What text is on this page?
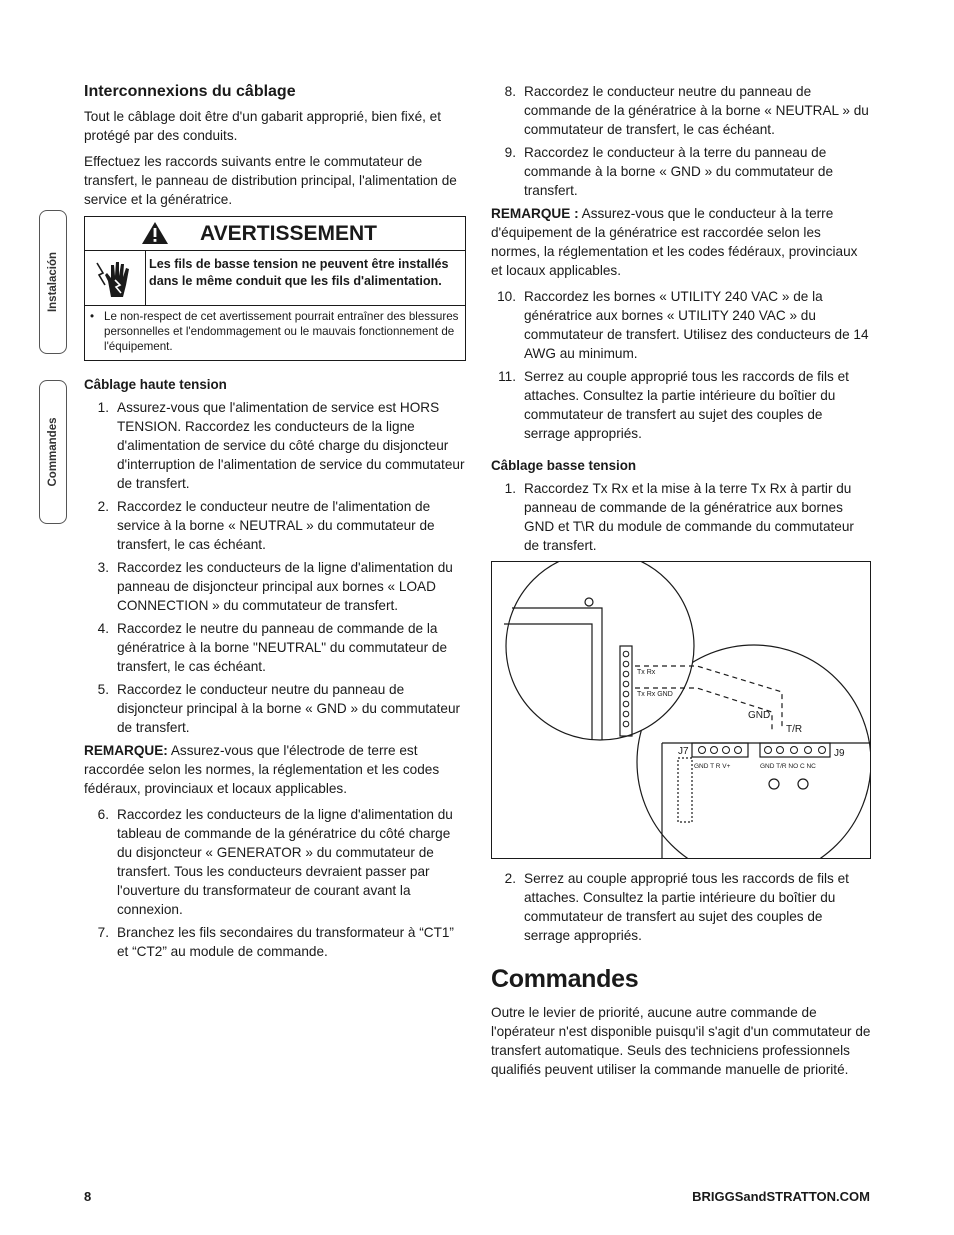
Instalación
Commandes
Interconnexions du câblage

Tout le câblage doit être d'un gabarit approprié, bien fixé, et protégé par des conduits.

Effectuez les raccords suivants entre le commutateur de transfert, le panneau de distribution principal, l'alimentation de service et la génératrice.

AVERTISSEMENT
Les fils de basse tension ne peuvent être installés dans le même conduit que les fils d'alimentation.
• Le non-respect de cet avertissement pourrait entraîner des blessures personnelles et l'endommagement ou le mauvais fonctionnement de l'équipement.
Câblage haute tension
1. Assurez-vous que l'alimentation de service est HORS TENSION. Raccordez les conducteurs de la ligne d'alimentation de service du côté charge du disjoncteur d'interruption de l'alimentation de service du commutateur de transfert.
2. Raccordez le conducteur neutre de l'alimentation de service à la borne « NEUTRAL » du commutateur de transfert, le cas échéant.
3. Raccordez les conducteurs de la ligne d'alimentation du panneau de disjoncteur principal aux bornes « LOAD CONNECTION » du commutateur de transfert.
4. Raccordez le neutre du panneau de commande de la génératrice à la borne "NEUTRAL" du commutateur de transfert, le cas échéant.
5. Raccordez le conducteur neutre du panneau de disjoncteur principal à la borne « GND » du commutateur de transfert.

REMARQUE: Assurez-vous que l'électrode de terre est raccordée selon les normes, la réglementation et les codes fédéraux, provinciaux et locaux applicables.

6. Raccordez les conducteurs de la ligne d'alimentation du tableau de commande de la génératrice du côté charge du disjoncteur « GENERATOR » du commutateur de transfert. Tous les conducteurs devraient passer par l'ouverture du transformateur de courant avant la connexion.
7. Branchez les fils secondaires du transformateur à “CT1” et “CT2” au module de commande.
8. Raccordez le conducteur neutre du panneau de commande de la génératrice à la borne « NEUTRAL » du commutateur de transfert, le cas échéant.
9. Raccordez le conducteur à la terre du panneau de commande à la borne « GND » du commutateur de transfert.

REMARQUE : Assurez-vous que le conducteur à la terre d'équipement de la génératrice est raccordée selon les normes, la réglementation et les codes fédéraux, provinciaux et locaux applicables.

10. Raccordez les bornes « UTILITY 240 VAC » de la génératrice aux bornes « UTILITY 240 VAC » du commutateur de transfert. Utilisez des conducteurs de 14 AWG au minimum.
11. Serrez au couple approprié tous les raccords de fils et attaches. Consultez la partie intérieure du boîtier du commutateur de transfert au sujet des couples de serrage appropriés.
Câblage basse tension
1. Raccordez Tx Rx et la mise à la terre Tx Rx à partir du panneau de commande de la génératrice aux bornes GND et T\R du module de commande du commutateur de transfert.
Tx Rx
Tx Rx GND
GND
T/R
J7	J9
GND T R V+	GND T/R NO C NC
2. Serrez au couple approprié tous les raccords de fils et attaches. Consultez la partie intérieure du boîtier du commutateur de transfert au sujet des couples de serrage appropriés.
Commandes

Outre le levier de priorité, aucune autre commande de l'opérateur n'est disponible puisqu'il s'agit d'un commutateur de transfert automatique. Seuls des techniciens professionnels qualifiés peuvent utiliser la commande manuelle de priorité.

8	BRIGGSandSTRATTON.COM
